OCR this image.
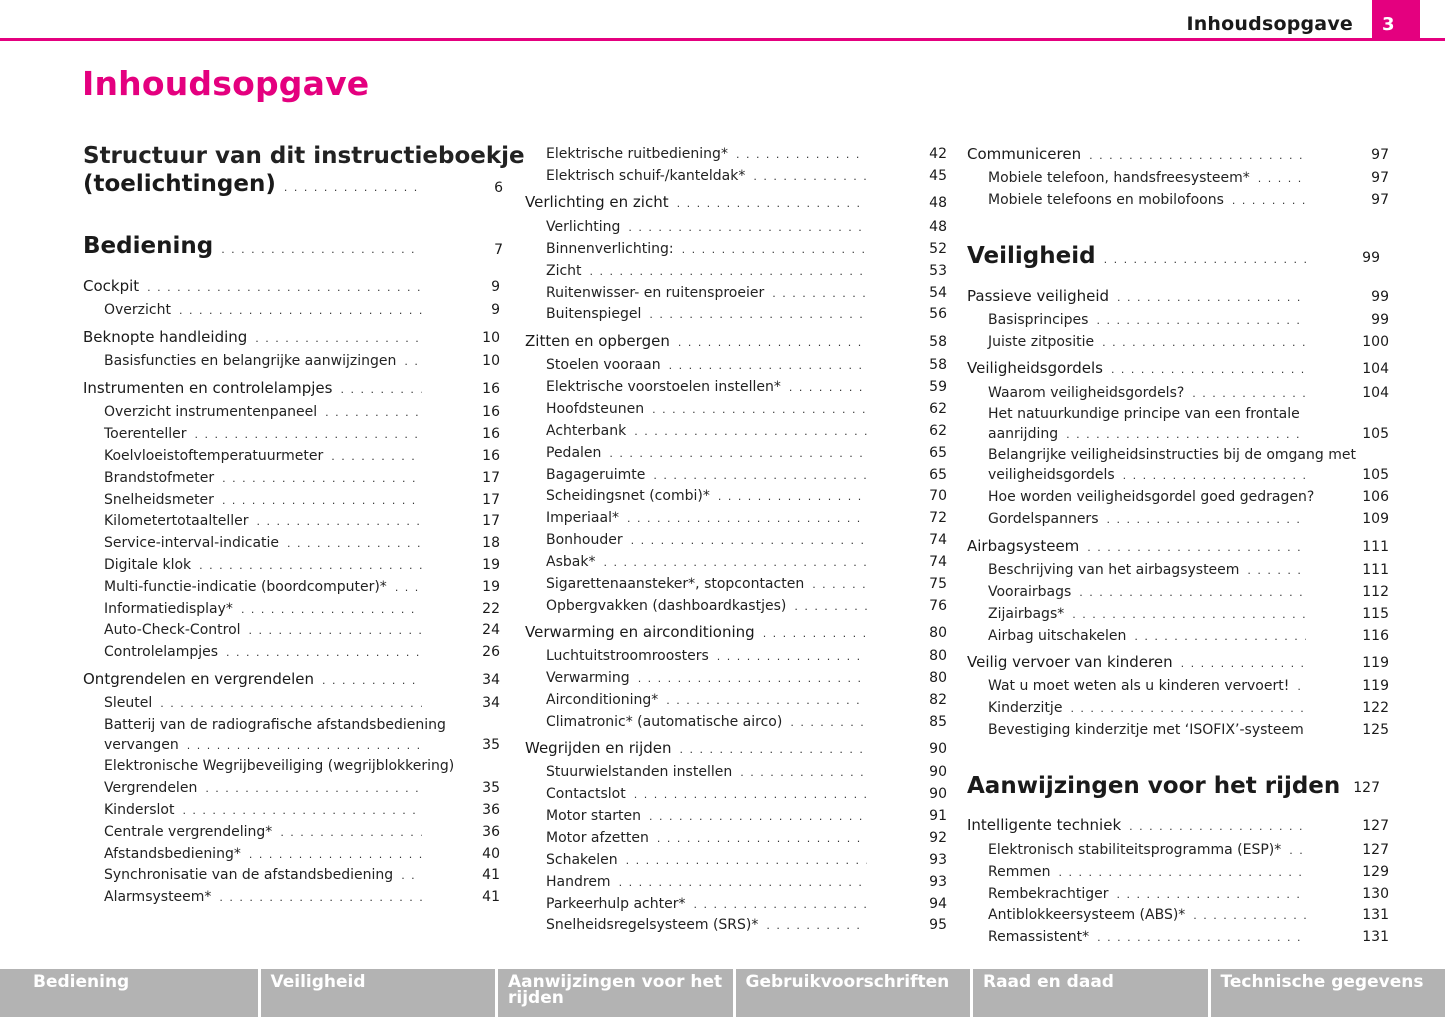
Inhoudsopgave	3
Inhoudsopgave
Structuur van dit instructieboekje
(toelichtingen) . . .	6
Bediening . . .	7
Cockpit . . .	9
Overzicht . . .	9
Beknopte handleiding . . .	10
Basisfuncties en belangrijke aanwijzingen . . .	10
Instrumenten en controlelampjes . . .	16
Overzicht instrumentenpaneel . . .	16
Toerenteller . . .	16
Koelvloeistoftemperatuurmeter . . .	16
Brandstofmeter . . .	17
Snelheidsmeter . . .	17
Kilometertotaalteller . . .	17
Service-interval-indicatie . . .	18
Digitale klok . . .	19
Multi-functie-indicatie (boordcomputer)* . . .	19
Informatiedisplay* . . .	22
Auto-Check-Control . . .	24
Controlelampjes . . .	26
Ontgrendelen en vergrendelen . . .	34
Sleutel . . .	34
Batterij van de radiografische afstandsbediening
vervangen . . .	35
Elektronische Wegrijbeveiliging (wegrijblokkering)
Vergrendelen . . .	35
Kinderslot . . .	36
Centrale vergrendeling* . . .	36
Afstandsbediening* . . .	40
Synchronisatie van de afstandsbediening . . .	41
Alarmsysteem* . . .	41
Elektrische ruitbediening* . . .	42
Elektrisch schuif-/kanteldak* . . .	45
Verlichting en zicht . . .	48
Verlichting . . .	48
Binnenverlichting: . . .	52
Zicht . . .	53
Ruitenwisser- en ruitensproeier . . .	54
Buitenspiegel . . .	56
Zitten en opbergen . . .	58
Stoelen vooraan . . .	58
Elektrische voorstoelen instellen* . . .	59
Hoofdsteunen . . .	62
Achterbank . . .	62
Pedalen . . .	65
Bagageruimte . . .	65
Scheidingsnet (combi)* . . .	70
Imperiaal* . . .	72
Bonhouder . . .	74
Asbak* . . .	74
Sigarettenaansteker*, stopcontacten . . .	75
Opbergvakken (dashboardkastjes) . . .	76
Verwarming en airconditioning . . .	80
Luchtuitstroomroosters . . .	80
Verwarming . . .	80
Airconditioning* . . .	82
Climatronic* (automatische airco) . . .	85
Wegrijden en rijden . . .	90
Stuurwielstanden instellen . . .	90
Contactslot . . .	90
Motor starten . . .	91
Motor afzetten . . .	92
Schakelen . . .	93
Handrem . . .	93
Parkeerhulp achter* . . .	94
Snelheidsregelsysteem (SRS)* . . .	95
Communiceren . . .	97
Mobiele telefoon, handsfreesysteem* . . .	97
Mobiele telefoons en mobilofoons . . .	97
Veiligheid . . .	99
Passieve veiligheid . . .	99
Basisprincipes . . .	99
Juiste zitpositie . . .	100
Veiligheidsgordels . . .	104
Waarom veiligheidsgordels? . . .	104
Het natuurkundige principe van een frontale
aanrijding . . .	105
Belangrijke veiligheidsinstructies bij de omgang met
veiligheidsgordels . . .	105
Hoe worden veiligheidsgordel goed gedragen?	106
Gordelspanners . . .	109
Airbagsysteem . . .	111
Beschrijving van het airbagsysteem . . .	111
Voorairbags . . .	112
Zijairbags* . . .	115
Airbag uitschakelen . . .	116
Veilig vervoer van kinderen . . .	119
Wat u moet weten als u kinderen vervoert! . . .	119
Kinderzitje . . .	122
Bevestiging kinderzitje met ‘ISOFIX’-systeem	125
Aanwijzingen voor het rijden 127
Intelligente techniek . . .	127
Elektronisch stabiliteitsprogramma (ESP)* . . .	127
Remmen . . .	129
Rembekrachtiger . . .	130
Antiblokkeersysteem (ABS)* . . .	131
Remassistent* . . .	131
Bediening	Veiligheid	Aanwijzingen voor het rijden
Gebruikvoorschriften	Raad en daad	Technische gegevens
